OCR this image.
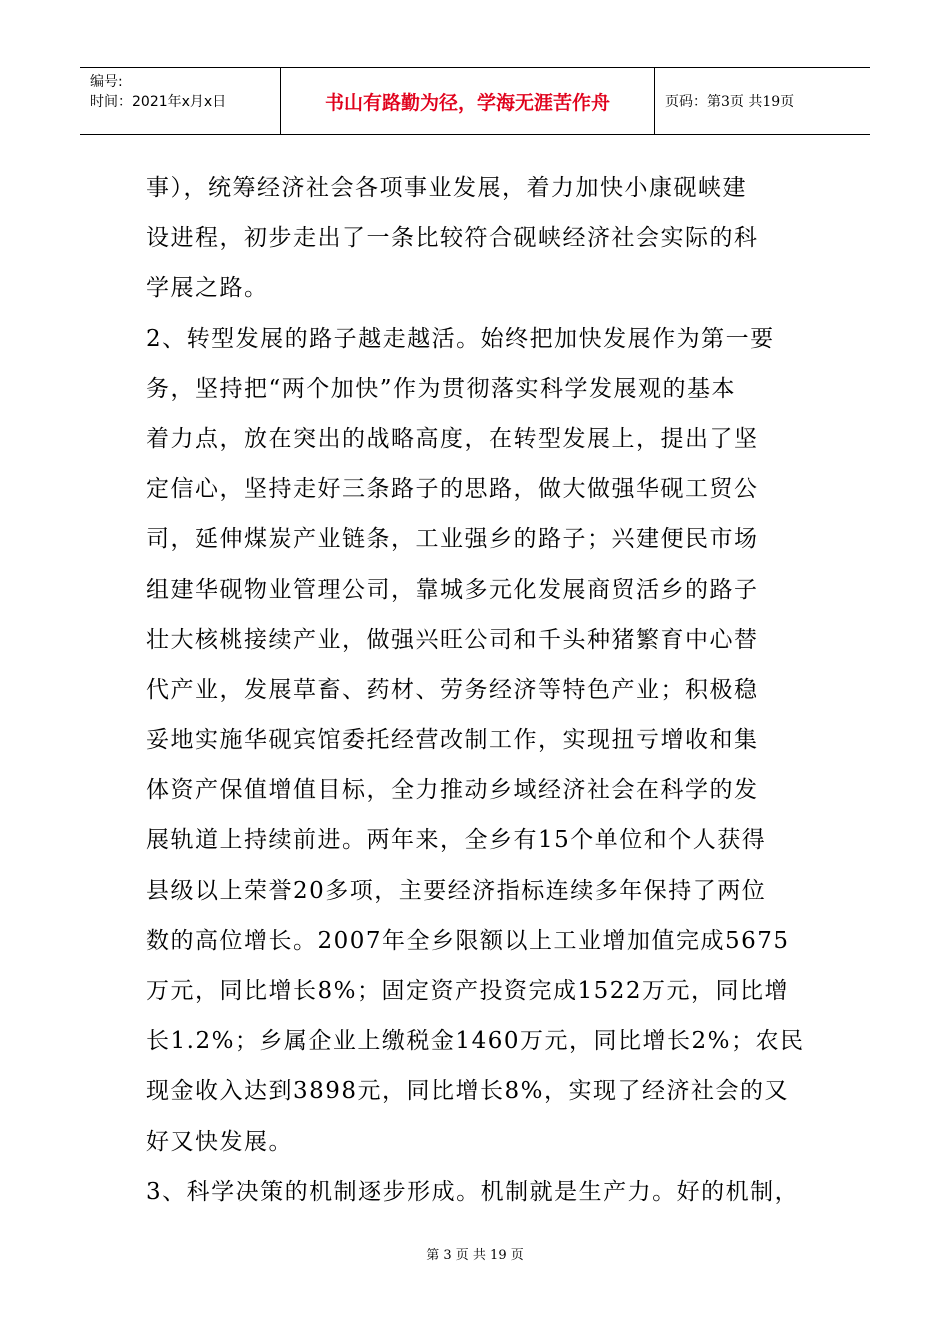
编号:
时间：2021年x月x日	书山有路勤为径，学海无涯苦作舟	页码：第3页 共19页
事），统筹经济社会各项事业发展，着力加快小康砚峡建
设进程，初步走出了一条比较符合砚峡经济社会实际的科
学展之路。
2、转型发展的路子越走越活。始终把加快发展作为第一要
务，坚持把“两个加快”作为贯彻落实科学发展观的基本
着力点，放在突出的战略高度，在转型发展上，提出了坚
定信心，坚持走好三条路子的思路，做大做强华砚工贸公
司，延伸煤炭产业链条，工业强乡的路子；兴建便民市场
组建华砚物业管理公司，靠城多元化发展商贸活乡的路子
壮大核桃接续产业，做强兴旺公司和千头种猪繁育中心替
代产业，发展草畜、药材、劳务经济等特色产业；积极稳
妥地实施华砚宾馆委托经营改制工作，实现扭亏增收和集
体资产保值增值目标，全力推动乡域经济社会在科学的发
展轨道上持续前进。两年来，全乡有15个单位和个人获得
县级以上荣誉20多项，主要经济指标连续多年保持了两位
数的高位增长。2007年全乡限额以上工业增加值完成5675
万元，同比增长8%；固定资产投资完成1522万元，同比增
长1.2%；乡属企业上缴税金1460万元，同比增长2%；农民
现金收入达到3898元，同比增长8%，实现了经济社会的又
好又快发展。
3、科学决策的机制逐步形成。机制就是生产力。好的机制，
第 3 页 共 19 页
